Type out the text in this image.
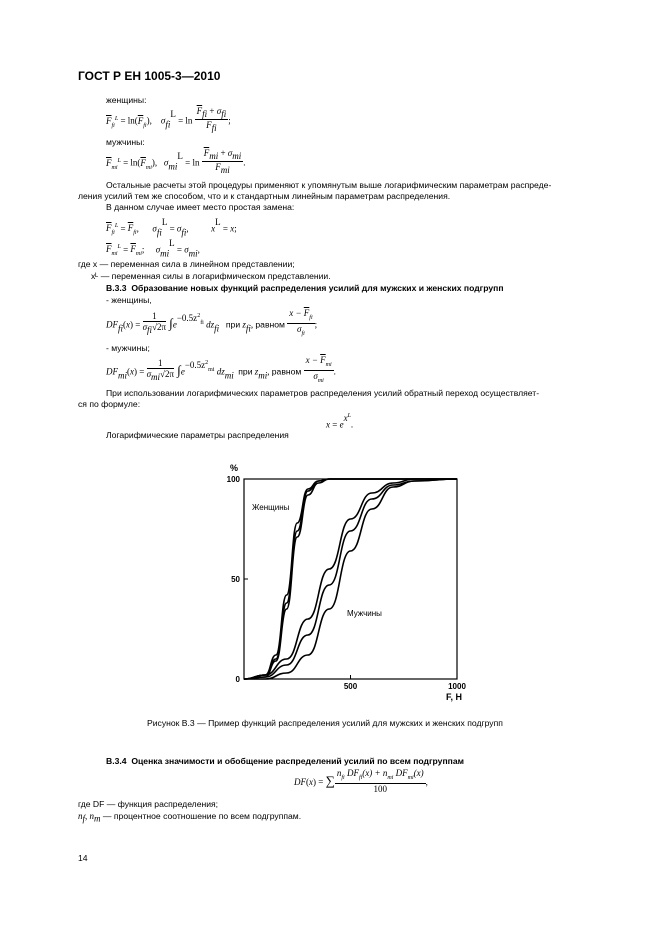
ГОСТ Р ЕН 1005-3—2010
женщины:
$\overline{F}_{fi}^L = \ln(\overline{F}_{fi})$,    $\sigma_{fi}^L = \ln \frac{\overline{F}_{fi} + \sigma_{fi}}{\overline{F}_{fi}}$ ;
мужчины:
$\overline{F}_{mi}^L = \ln(\overline{F}_{mi})$,   $\sigma_{mi}^L = \ln \frac{\overline{F}_{mi} + \sigma_{mi}}{\overline{F}_{mi}}$ .
Остальные расчеты этой процедуры применяют к упомянутым выше логарифмическим параметрам распреде-
ления усилий тем же способом, что и к стандартным линейным параметрам распределения.
В данном случае имеет место простая замена:
$\overline{F}_{fi}^L = \overline{F}_{fi}$,      $\sigma_{fi}^L = \sigma_{fi}$,          $x^L = x$;
$\overline{F}_{mi}^L = \overline{F}_{mi}$;     $\sigma_{mi}^L = \sigma_{mi}$,
где x — переменная сила в линейном представлении;
xᴸ — переменная силы в логарифмическом представлении.
B.3.3 Образование новых функций распределения усилий для мужских и женских подгрупп
- женщины,
$DF_{fi}(x) = \frac{1}{\sigma_{fi}√2\pi} \int e^{-0.5z^2_{fi}}$ $dz_{fi}$ при $z_{fi}$, равном $\frac{x - \overline{F}_{fi}}{\sigma_{fi}}$ ;
- мужчины;
$DF_{mi}(x) = \frac{1}{\sigma_{mi}√2\pi} \int e^{-0.5z^2_{mi}}$ $dz_{mi}$ при $z_{mi}$, равном $\frac{x - \overline{F}_{mi}}{\sigma_{mi}}$ .
При использовании логарифмических параметров распределения усилий обратный переход осуществляет-
ся по формуле:
$x = e^{x^L}$.
Логарифмические параметры распределения
%
F, H
Женщины
Мужчины
0
50
100
500	1000
Рисунок B.3 — Пример функций распределения усилий для мужских и женских подгрупп
B.3.4 Оценка значимости и обобщение распределений усилий по всем подгруппам
DF(x) = ∑ $\frac{n_{fi} DF_{fi}(x) + n_{mi} DF_{mi}(x)}{100}$ ,
где DF — функция распределения;
$n_f$, $n_m$ — процентное соотношение по всем подгруппам.
14
